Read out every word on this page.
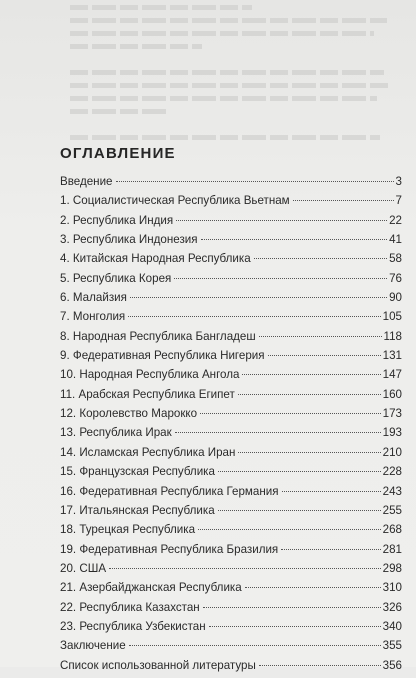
ОГЛАВЛЕНИЕ
Введение	3
1. Социалистическая Республика Вьетнам	7
2. Республика Индия	22
3. Республика Индонезия	41
4. Китайская Народная Республика	58
5. Республика Корея	76
6. Малайзия	90
7. Монголия	105
8. Народная Республика Бангладеш	118
9. Федеративная Республика Нигерия	131
10. Народная Республика Ангола	147
11. Арабская Республика Египет	160
12. Королевство Марокко	173
13. Республика Ирак	193
14. Исламская Республика Иран	210
15. Французская Республика	228
16. Федеративная Республика Германия	243
17. Итальянская Республика	255
18. Турецкая Республика	268
19. Федеративная Республика Бразилия	281
20. США	298
21. Азербайджанская Республика	310
22. Республика Казахстан	326
23. Республика Узбекистан	340
Заключение	355
Список использованной литературы	356
